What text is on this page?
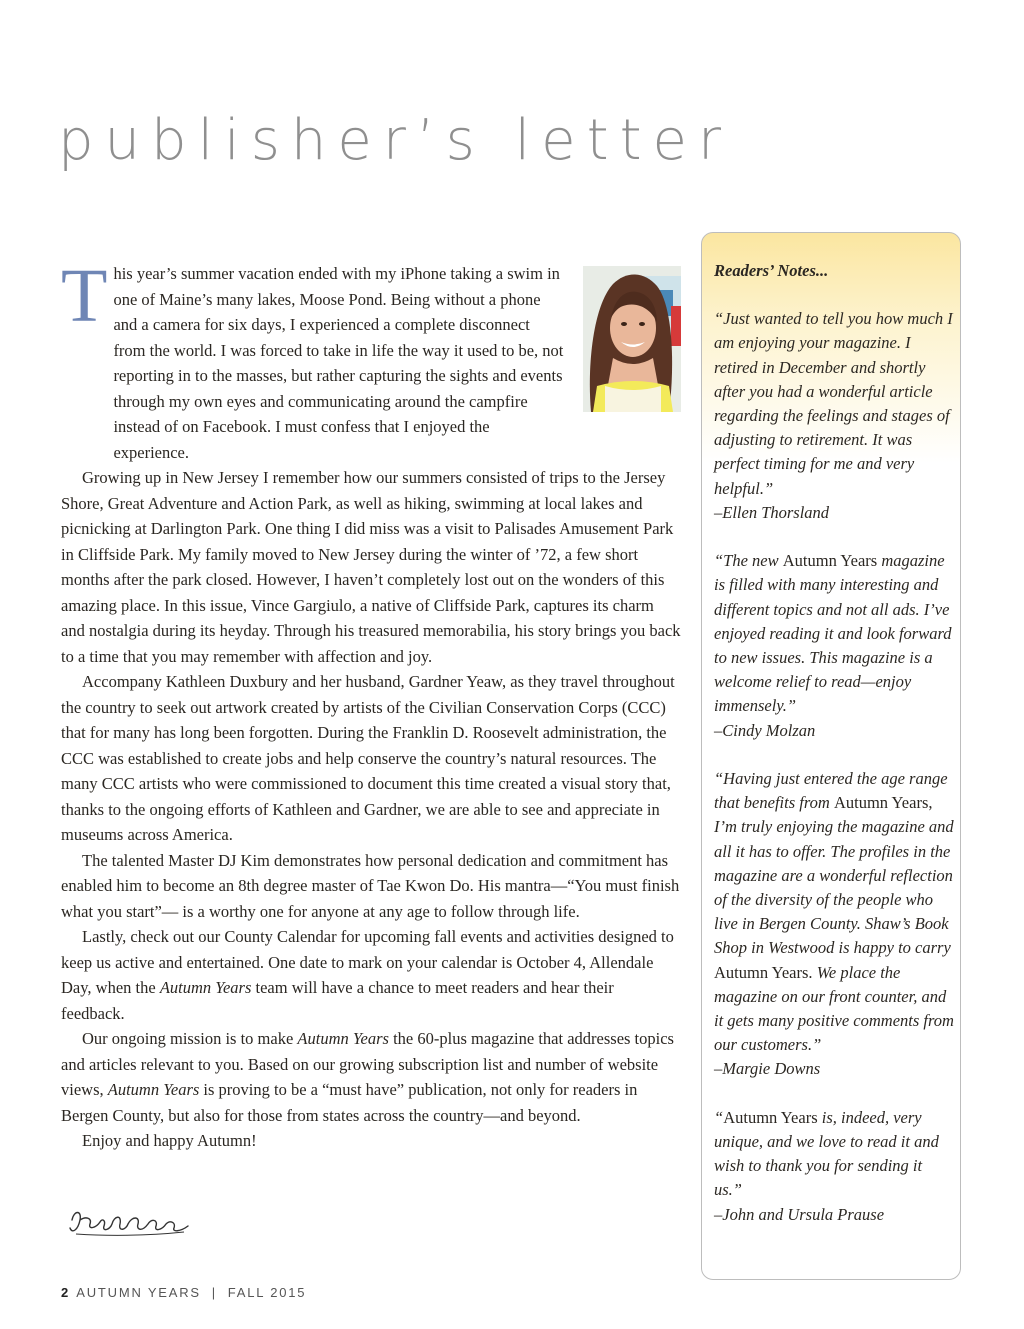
publisher’s letter

T his year’s summer vacation ended with my iPhone taking a swim in one of Maine’s many lakes, Moose Pond. Being without a phone and a camera for six days, I experienced a complete disconnect from the world. I was forced to take in life the way it used to be, not reporting in to the masses, but rather capturing the sights and events through my own eyes and communicating around the campfire instead of on Facebook. I must confess that I enjoyed the experience.

Growing up in New Jersey I remember how our summers consisted of trips to the Jersey Shore, Great Adventure and Action Park, as well as hiking, swimming at local lakes and picnicking at Darlington Park. One thing I did miss was a visit to Palisades Amusement Park in Cliffside Park. My family moved to New Jersey during the winter of ’72, a few short months after the park closed. However, I haven’t completely lost out on the wonders of this amazing place. In this issue, Vince Gargiulo, a native of Cliffside Park, captures its charm and nostalgia during its heyday. Through his treasured memorabilia, his story brings you back to a time that you may remember with affection and joy.

Accompany Kathleen Duxbury and her husband, Gardner Yeaw, as they travel throughout the country to seek out artwork created by artists of the Civilian Conservation Corps (CCC) that for many has long been forgotten. During the Franklin D. Roosevelt administration, the CCC was established to create jobs and help conserve the country’s natural resources. The many CCC artists who were commissioned to document this time created a visual story that, thanks to the ongoing efforts of Kathleen and Gardner, we are able to see and appreciate in museums across America.

The talented Master DJ Kim demonstrates how personal dedication and commitment has enabled him to become an 8th degree master of Tae Kwon Do. His mantra—“You must finish what you start”— is a worthy one for anyone at any age to follow through life.

Lastly, check out our County Calendar for upcoming fall events and activities designed to keep us active and entertained. One date to mark on your calendar is October 4, Allendale Day, when the Autumn Years team will have a chance to meet readers and hear their feedback.

Our ongoing mission is to make Autumn Years the 60-plus magazine that addresses topics and articles relevant to you. Based on our growing subscription list and number of website views, Autumn Years is proving to be a “must have” publication, not only for readers in Bergen County, but also for those from states across the country—and beyond.

Enjoy and happy Autumn!

2 AUTUMN YEARS  |  FALL 2015

Readers’ Notes...

“Just wanted to tell you how much I am enjoying your magazine. I retired in December and shortly after you had a wonderful article regarding the feelings and stages of adjusting to retirement. It was perfect timing for me and very helpful.”
–Ellen Thorsland

“The new Autumn Years magazine is filled with many interesting and different topics and not all ads. I’ve enjoyed reading it and look forward to new issues. This magazine is a welcome relief to read—enjoy immensely.”
–Cindy Molzan

“Having just entered the age range that benefits from Autumn Years, I’m truly enjoying the magazine and all it has to offer. The profiles in the magazine are a wonderful reflection of the diversity of the people who live in Bergen County. Shaw’s Book Shop in Westwood is happy to carry Autumn Years. We place the magazine on our front counter, and it gets many positive comments from our customers.”
–Margie Downs

“Autumn Years is, indeed, very unique, and we love to read it and wish to thank you for sending it us.”
–John and Ursula Prause
